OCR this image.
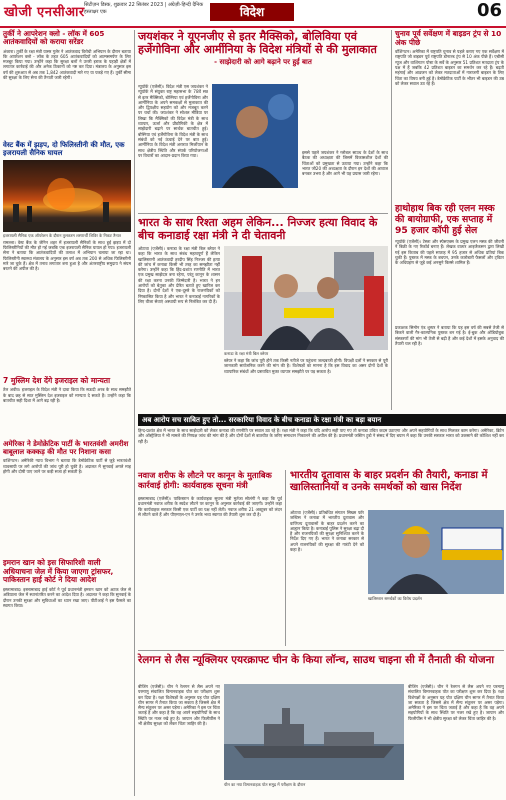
खोजी एनसीआर सिटीज़न डिस्क, शुक्रवार 22 सितंबर 2023 | अंग्रेज़ी-हिन्दी दैनिक हस्ताक्षर एक	विदेश	06
तुर्की ने आपरेशन क्लो - लॉक में 605 आतंकवादियों को कराया सरेंडर
अंकारा। तुर्की के रक्षा मंत्री यासर गुलेर ने आतंकवाद विरोधी अभियान के दौरान बताया कि आपरेशन क्लो - लॉक के तहत 605 आतंकवादियों को आत्मसमर्पण के लिए मजबूर किया गया। उन्होंने कहा कि सुरक्षा बलों ने उत्तरी इराक के पहाड़ी क्षेत्रों में लगातार कार्रवाई की और अनेक ठिकानों को नष्ट कर दिया। मंत्रालय के अनुसार इस वर्ष की शुरुआत से अब तक 1,842 आतंकवादी मारे गए या पकड़े गए हैं। तुर्की सीमा की सुरक्षा के लिए सेना की तैनाती जारी रहेगी।
वेस्ट बैंक में झड़प, दो फिलिस्तीनी की मौत, एक इजरायली सैनिक घायल
इजरायली सैनिक एक ऑपरेशन के दौरान तुलकरम शरणार्थी शिविर के निकट तैनात
रामल्ला। वेस्ट बैंक के जेनिन शहर में इजरायली सैनिकों के साथ हुई झड़प में दो फिलिस्तीनियों की मौत हो गई जबकि एक इजरायली सैनिक घायल हो गया। इजरायली सेना ने बताया कि आतंकवादियों की तलाश में अभियान चलाया जा रहा था। फिलिस्तीनी स्वास्थ्य मंत्रालय के अनुसार इस वर्ष अब तक 200 से अधिक फिलिस्तीनी मारे जा चुके हैं। क्षेत्र में तनाव लगातार बना हुआ है और अंतरराष्ट्रीय समुदाय ने संयम बरतने की अपील की है।
7 मुस्लिम देश देंगे इजराइल को मान्यता
तेल अवीव। इजराइल के विदेश मंत्री ने दावा किया कि सऊदी अरब के साथ समझौते के बाद छह से सात मुस्लिम देश इजराइल को मान्यता दे सकते हैं। उन्होंने कहा कि बातचीत सही दिशा में आगे बढ़ रही है।
अमेरिका ने डेमोक्रेटिक पार्टी के भारतवंशी अमरीश बाबूलाल कक्कड़ की मौत पर निशाना कसा
वाशिंगटन। अमेरिकी न्याय विभाग ने बताया कि डेमोक्रेटिक पार्टी से जुड़े भारतवंशी व्यवसायी पर लगे आरोपों की जांच पूरी हो चुकी है। अदालत में सुनवाई अगले माह होगी और दोषी पाए जाने पर कड़ी सजा हो सकती है।
इमरान खान को इस सिफारिशी वाली अधियाचना जेल में किया जाएगा ट्रांसफर, पाकिस्तान हाई कोर्ट ने दिया आदेश
इस्लामाबाद। इस्लामाबाद हाई कोर्ट ने पूर्व प्रधानमंत्री इमरान खान को अटक जेल से अडियाला जेल में स्थानांतरित करने का आदेश दिया है। अदालत ने कहा कि सुनवाई के दौरान उनकी सुरक्षा और सुविधाओं का ध्यान रखा जाए। पीटीआई ने इस फैसले का स्वागत किया।
जयशंकर ने यूएनजीए से इतर मैक्सिको, बोलिविया एवं हर्जेगोविना और आर्मीनिया के विदेश मंत्रियों से की मुलाकात
- साझेदारी को आगे बढ़ाने पर हुई बात
न्यूयॉर्क (एजेंसी)। विदेश मंत्री एस जयशंकर ने न्यूयॉर्क में संयुक्त राष्ट्र महासभा के 78वें सत्र से इतर मैक्सिको, बोस्निया एवं हर्जेगोविना और आर्मीनिया के अपने समकक्षों से मुलाकात की और द्विपक्षीय सहयोग को और मजबूत करने पर चर्चा की। जयशंकर ने सोशल मीडिया पर लिखा कि मैक्सिको की विदेश मंत्री के साथ व्यापार, ऊर्जा और प्रौद्योगिकी के क्षेत्र में साझेदारी बढ़ाने पर सार्थक बातचीत हुई। बोस्निया एवं हर्जेगोविना के विदेश मंत्री के साथ संबंधों को नई ऊंचाई देने पर बात हुई। आर्मीनिया के विदेश मंत्री अरारात मिर्जोयान के साथ क्षेत्रीय स्थिति और संपर्क परियोजनाओं पर विचारों का आदान-प्रदान किया गया।
इससे पहले जयशंकर ने ग्लोबल साउथ के देशों के साथ बैठक की अध्यक्षता की जिसमें विकासशील देशों की चिंताओं को प्रमुखता से उठाया गया। उन्होंने कहा कि भारत जी20 की अध्यक्षता के दौरान इन देशों की आवाज बनकर उभरा है और आगे भी यह प्रयास जारी रहेगा।
भारत के साथ रिश्ता अहम लेकिन... निज्जर हत्या विवाद के बीच कनाडाई रक्षा मंत्री ने दी चेतावनी
ओटावा (एजेंसी)। कनाडा के रक्षा मंत्री बिल ब्लेयर ने कहा कि भारत के साथ संबंध महत्वपूर्ण हैं लेकिन खालिस्तानी आतंकवादी हरदीप सिंह निज्जर की हत्या की जांच में कनाडा किसी भी तरह का समझौता नहीं करेगा। उन्होंने कहा कि हिंद-प्रशांत रणनीति में भारत एक प्रमुख साझेदार बना रहेगा, परंतु कानून के शासन की रक्षा करना उनकी जिम्मेदारी है। भारत ने इन आरोपों को बेतुका और प्रेरित बताते हुए खारिज कर दिया है। दोनों देशों ने एक-दूसरे के राजनयिकों को निष्कासित किया है और भारत ने कनाडाई नागरिकों के लिए वीजा सेवाएं अस्थायी रूप से निलंबित कर दी हैं।
कनाडा के रक्षा मंत्री बिल ब्लेयर
ब्लेयर ने कहा कि जांच पूरी होने तक किसी नतीजे पर पहुंचना जल्दबाजी होगी। विपक्षी दलों ने सरकार से पूरी जानकारी सार्वजनिक करने की मांग की है। विशेषज्ञों का मानना है कि इस विवाद का असर दोनों देशों के व्यापारिक संबंधों और प्रस्तावित मुक्त व्यापार समझौते पर पड़ सकता है।
अब आरोप सच साबित हुए तो... सरकारिया विवाद के बीच कनाडा के रक्षा मंत्री का बड़ा बयान
हिन्द-प्रशांत क्षेत्र में भारत के साथ साझेदारी को लेकर कनाडा की रणनीति पर सवाल उठ रहे हैं। रक्षा मंत्री ने कहा कि यदि आरोप सही पाए गए तो कनाडा उचित कदम उठाएगा और अपने सहयोगियों के साथ मिलकर काम करेगा। अमेरिका, ब्रिटेन और ऑस्ट्रेलिया ने भी मामले की निष्पक्ष जांच की मांग की है और दोनों देशों से बातचीत के जरिए समाधान निकालने की अपील की है। प्रधानमंत्री जस्टिन ट्रूडो ने संसद में दिए बयान में कहा कि उनकी सरकार भारत को उकसाने की कोशिश नहीं कर रही है।
नवाज शरीफ के लौटने पर कानून के मुताबिक कार्रवाई होगी: कार्यवाहक सूचना मंत्री
इस्लामाबाद (एजेंसी)। पाकिस्तान के कार्यवाहक सूचना मंत्री मुर्तजा सोलंगी ने कहा कि पूर्व प्रधानमंत्री नवाज शरीफ के स्वदेश लौटने पर कानून के अनुसार कार्रवाई की जाएगी। उन्होंने कहा कि कार्यवाहक सरकार किसी एक पार्टी का पक्ष नहीं लेती। नवाज शरीफ 21 अक्टूबर को लंदन से लौटने वाले हैं और पीएमएल-एन ने उनके भव्य स्वागत की तैयारी शुरू कर दी है।
भारतीय दूतावास के बाहर प्रदर्शन की तैयारी, कनाडा में खालिस्तानियों व उनके समर्थकों को खास निर्देश
ओटावा (एजेंसी)। प्रतिबंधित संगठन सिख्स फॉर जस्टिस ने कनाडा में भारतीय दूतावास और वाणिज्य दूतावासों के बाहर प्रदर्शन करने का आह्वान किया है। कनाडाई पुलिस ने सुरक्षा बढ़ा दी है और राजनयिकों की सुरक्षा सुनिश्चित करने के निर्देश दिए गए हैं। भारत ने कनाडा सरकार से अपने राजनयिकों की सुरक्षा की गारंटी देने को कहा है।
खालिस्तान समर्थकों का विरोध प्रदर्शन
रेलगन से लैस न्यूक्लियर एयरक्राफ्ट चीन के किया लॉन्च, साउथ चाइना सी में तैनाती की योजना
बीजिंग (एजेंसी)। चीन ने रेलगन से लैस अपने नए परमाणु संचालित विमानवाहक पोत का परीक्षण शुरू कर दिया है। रक्षा विशेषज्ञों के अनुसार यह पोत दक्षिण चीन सागर में तैनात किया जा सकता है जिससे क्षेत्र में सैन्य संतुलन पर असर पड़ेगा। अमेरिका ने इस पर चिंता जताई है और कहा है कि वह अपने सहयोगियों के साथ स्थिति पर नजर रखे हुए है। जापान और फिलीपींस ने भी क्षेत्रीय सुरक्षा को लेकर चिंता जाहिर की है।
चीन का नया विमानवाहक पोत समुद्र में परीक्षण के दौरान
बीजिंग (एजेंसी)। चीन ने रेलगन से लैस अपने नए परमाणु संचालित विमानवाहक पोत का परीक्षण शुरू कर दिया है। रक्षा विशेषज्ञों के अनुसार यह पोत दक्षिण चीन सागर में तैनात किया जा सकता है जिससे क्षेत्र में सैन्य संतुलन पर असर पड़ेगा। अमेरिका ने इस पर चिंता जताई है और कहा है कि वह अपने सहयोगियों के साथ स्थिति पर नजर रखे हुए है। जापान और फिलीपींस ने भी क्षेत्रीय सुरक्षा को लेकर चिंता जाहिर की है।
चुनाव पूर्व सर्वेक्षण में बाइडन ट्रंप से 10 अंक पीछे
वॉशिंगटन। अमेरिका में राष्ट्रपति चुनाव से पहले कराए गए एक सर्वेक्षण में राष्ट्रपति जो बाइडन पूर्व राष्ट्रपति डोनाल्ड ट्रंप से 10 अंक पीछे हैं। एबीसी न्यूज और वाशिंगटन पोस्ट के सर्वे के अनुसार 51 प्रतिशत मतदाता ट्रंप के पक्ष में हैं जबकि 42 प्रतिशत बाइडन का समर्थन कर रहे हैं। बढ़ती महंगाई और आव्रजन को लेकर मतदाताओं में नाराजगी बाइडन के लिए चिंता का विषय बनी हुई है। डेमोक्रेटिक पार्टी के भीतर भी बाइडन की उम्र को लेकर सवाल उठ रहे हैं।
हाथोहाथ बिक रही एलन मस्क की बायोग्राफी, एक सप्ताह में 95 हजार कॉपी हुई सेल
न्यूयॉर्क (एजेंसी)। टेस्ला और स्पेसएक्स के प्रमुख एलन मस्क की जीवनी ने बिक्री के नए रिकॉर्ड बनाए हैं। लेखक वाल्टर आइजैकसन द्वारा लिखी गई इस किताब की पहले सप्ताह में 95 हजार से अधिक प्रतियां बिक चुकी हैं। पुस्तक में मस्क के बचपन, उनके कारोबारी फैसलों और ट्विटर के अधिग्रहण से जुड़े कई अनसुने किस्से शामिल हैं।
प्रकाशक सिमोन एंड शुस्टर ने बताया कि यह इस वर्ष की सबसे तेजी से बिकने वाली गैर-काल्पनिक पुस्तक बन गई है। ई-बुक और ऑडियोबुक संस्करणों की मांग भी तेजी से बढ़ी है और कई देशों में इसके अनुवाद की तैयारी चल रही है।
